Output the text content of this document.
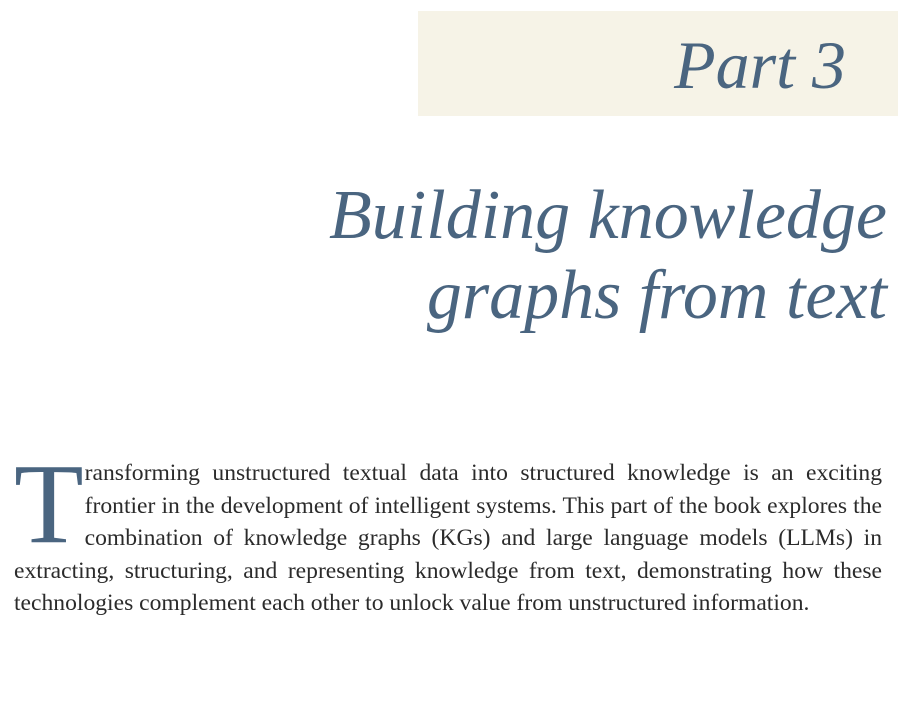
Part 3
Building knowledge
graphs from text
Transforming unstructured textual data into structured knowledge is an exciting frontier in the development of intelligent systems. This part of the book explores the combination of knowledge graphs (KGs) and large language models (LLMs) in extracting, structuring, and representing knowledge from text, demonstrating how these technologies complement each other to unlock value from unstructured information.
